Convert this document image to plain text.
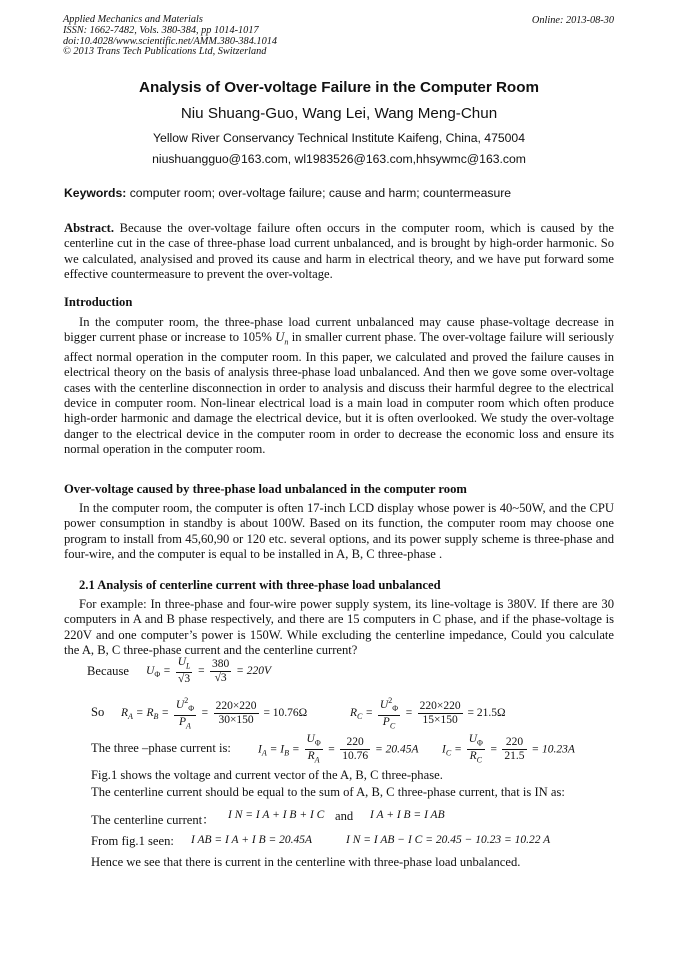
Applied Mechanics and Materials
ISSN: 1662-7482, Vols. 380-384, pp 1014-1017
doi:10.4028/www.scientific.net/AMM.380-384.1014
© 2013 Trans Tech Publications Ltd, Switzerland
Online: 2013-08-30
Analysis of Over-voltage Failure in the Computer Room
Niu Shuang-Guo, Wang Lei, Wang Meng-Chun
Yellow River Conservancy Technical Institute Kaifeng, China, 475004
niushuangguo@163.com, wl1983526@163.com,hhsywmc@163.com
Keywords: computer room; over-voltage failure; cause and harm; countermeasure

Abstract. Because the over-voltage failure often occurs in the computer room, which is caused by the centerline cut in the case of three-phase load current unbalanced, and is brought by high-order harmonic. So we calculated, analysised and proved its cause and harm in electrical theory, and we have put forward some effective countermeasure to prevent the over-voltage.

Introduction

In the computer room, the three-phase load current unbalanced may cause phase-voltage decrease in bigger current phase or increase to 105% $U_n$ in smaller current phase. The over-voltage failure will seriously affect normal operation in the computer room. In this paper, we calculated and proved the failure causes in electrical theory on the basis of analysis three-phase load unbalanced. And then we gove some over-voltage cases with the centerline disconnection in order to analysis and discuss their harmful degree to the electrical device in computer room. Non-linear electrical load is a main load in computer room which often produce high-order harmonic and damage the electrical device, but it is often overlooked. We study the over-voltage danger to the electrical device in the computer room in order to decrease the economic loss and ensure its normal operation in the computer room.

Over-voltage caused by three-phase load unbalanced in the computer room

In the computer room, the computer is often 17-inch LCD display whose power is 40~50W, and the CPU power consumption in standby is about 100W. Based on its function, the computer room may choose one program to install from 45,60,90 or 120 etc. several options, and its power supply scheme is three-phase and four-wire, and the computer is equal to be installed in A, B, C three-phase .

2.1 Analysis of centerline current with three-phase load unbalanced

For example: In three-phase and four-wire power supply system, its line-voltage is 380V. If there are 30 computers in A and B phase respectively, and there are 15 computers in C phase, and if the phase-voltage is 220V and one computer’s power is 150W. While excluding the centerline impedance, Could you calculate the A, B, C three-phase current and the centerline current?

Because $U_\Phi = \frac{U_L}{√3} = \frac{380}{√3} = 220V$
So $R_A = R_B = \frac{U^2_\Phi}{P_A} = \frac{220\times 220}{30\times 150} = 10.76\Omega$	$R_C = \frac{U^2_\Phi}{P_C} = \frac{220\times 220}{15\times 150} = 21.5\Omega$
The three –phase current is: $I_A = I_B = \frac{U_\Phi}{R_A} = \frac{220}{10.76} = 20.45A$ $I_C = \frac{U_\Phi}{R_C} = \frac{220}{21.5} = 10.23A$
Fig.1 shows the voltage and current vector of the A, B, C three-phase.
The centerline current should be equal to the sum of A, B, C three-phase current, that is IN as:
The centerline current： I N = I A + I B + I C and I A + I B = I AB
From fig.1 seen: I AB = I A + I B = 20.45A	I N = I AB − I C = 20.45 − 10.23 = 10.22 A
Hence we see that there is current in the centerline with three-phase load unbalanced.
